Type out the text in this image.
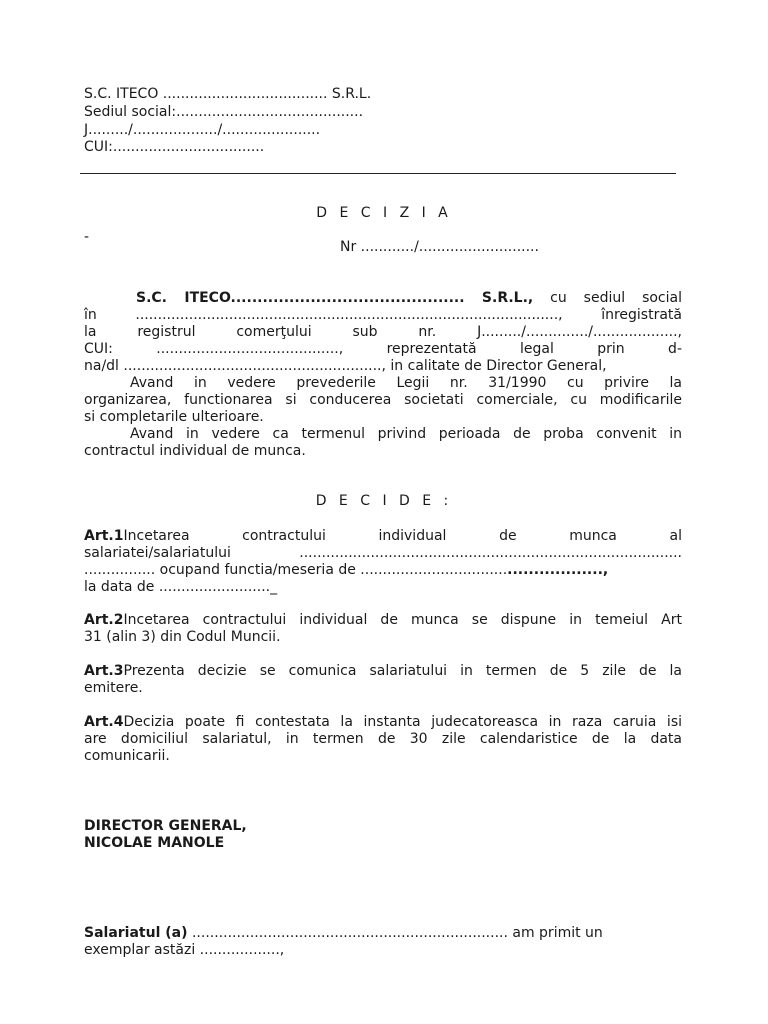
S.C. ITECO ..................................... S.R.L.
Sediul social:..........................................
J........./.................../......................
CUI:..................................
D E C I Z I A
-
Nr ............/...........................
S.C. ITECO............................................ S.R.L., cu sediul social
în ..............................................................................................., înregistrată
la registrul comerţului sub nr. J........./............../...................,
CUI: ........................................., reprezentată legal prin d-
na/dl .........................................................., in calitate de Director General,
Avand in vedere prevederile Legii nr. 31/1990 cu privire la
organizarea, functionarea si conducerea societati comerciale, cu modificarile
si completarile ulterioare.
Avand in vedere ca termenul privind perioada de proba convenit in
contractul individual de munca.
D E C I D E :
Art.1Incetarea contractului individual de munca al
salariatei/salariatului ......................................................................................
................ ocupand functia/meseria de ...................................................,
la data de ........................._
Art.2Incetarea contractului individual de munca se dispune in temeiul Art
31 (alin 3) din Codul Muncii.
Art.3Prezenta decizie se comunica salariatului in termen de 5 zile de la
emitere.
Art.4Decizia poate fi contestata la instanta judecatoreasca in raza caruia isi
are domiciliul salariatul, in termen de 30 zile calendaristice de la data
comunicarii.
DIRECTOR GENERAL,
NICOLAE MANOLE
Salariatul (a) ....................................................................... am primit un
exemplar astăzi ..................,
